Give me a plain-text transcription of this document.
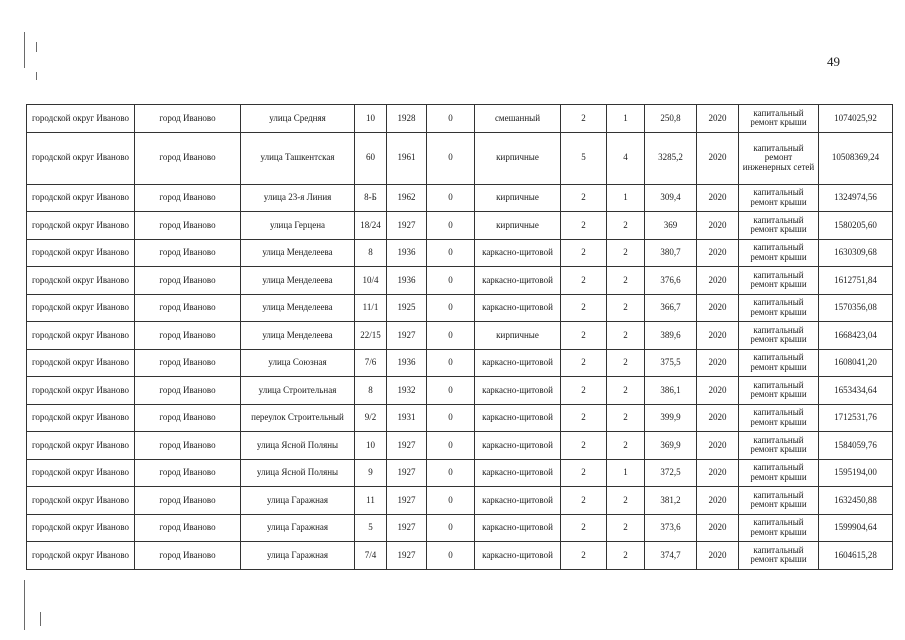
49
городской округ Иваново	город Иваново	улица Средняя	10	1928	0	смешанный	2	1	250,8	2020	капитальный ремонт крыши	1074025,92
городской округ Иваново	город Иваново	улица Ташкентская	60	1961	0	кирпичные	5	4	3285,2	2020	капитальный ремонт инженерных сетей	10508369,24
городской округ Иваново	город Иваново	улица 23-я Линия	8-Б	1962	0	кирпичные	2	1	309,4	2020	капитальный ремонт крыши	1324974,56
городской округ Иваново	город Иваново	улица Герцена	18/24	1927	0	кирпичные	2	2	369	2020	капитальный ремонт крыши	1580205,60
городской округ Иваново	город Иваново	улица Менделеева	8	1936	0	каркасно-щитовой	2	2	380,7	2020	капитальный ремонт крыши	1630309,68
городской округ Иваново	город Иваново	улица Менделеева	10/4	1936	0	каркасно-щитовой	2	2	376,6	2020	капитальный ремонт крыши	1612751,84
городской округ Иваново	город Иваново	улица Менделеева	11/1	1925	0	каркасно-щитовой	2	2	366,7	2020	капитальный ремонт крыши	1570356,08
городской округ Иваново	город Иваново	улица Менделеева	22/15	1927	0	кирпичные	2	2	389,6	2020	капитальный ремонт крыши	1668423,04
городской округ Иваново	город Иваново	улица Союзная	7/6	1936	0	каркасно-щитовой	2	2	375,5	2020	капитальный ремонт крыши	1608041,20
городской округ Иваново	город Иваново	улица Строительная	8	1932	0	каркасно-щитовой	2	2	386,1	2020	капитальный ремонт крыши	1653434,64
городской округ Иваново	город Иваново	переулок Строительный	9/2	1931	0	каркасно-щитовой	2	2	399,9	2020	капитальный ремонт крыши	1712531,76
городской округ Иваново	город Иваново	улица Ясной Поляны	10	1927	0	каркасно-щитовой	2	2	369,9	2020	капитальный ремонт крыши	1584059,76
городской округ Иваново	город Иваново	улица Ясной Поляны	9	1927	0	каркасно-щитовой	2	1	372,5	2020	капитальный ремонт крыши	1595194,00
городской округ Иваново	город Иваново	улица Гаражная	11	1927	0	каркасно-щитовой	2	2	381,2	2020	капитальный ремонт крыши	1632450,88
городской округ Иваново	город Иваново	улица Гаражная	5	1927	0	каркасно-щитовой	2	2	373,6	2020	капитальный ремонт крыши	1599904,64
городской округ Иваново	город Иваново	улица Гаражная	7/4	1927	0	каркасно-щитовой	2	2	374,7	2020	капитальный ремонт крыши	1604615,28
